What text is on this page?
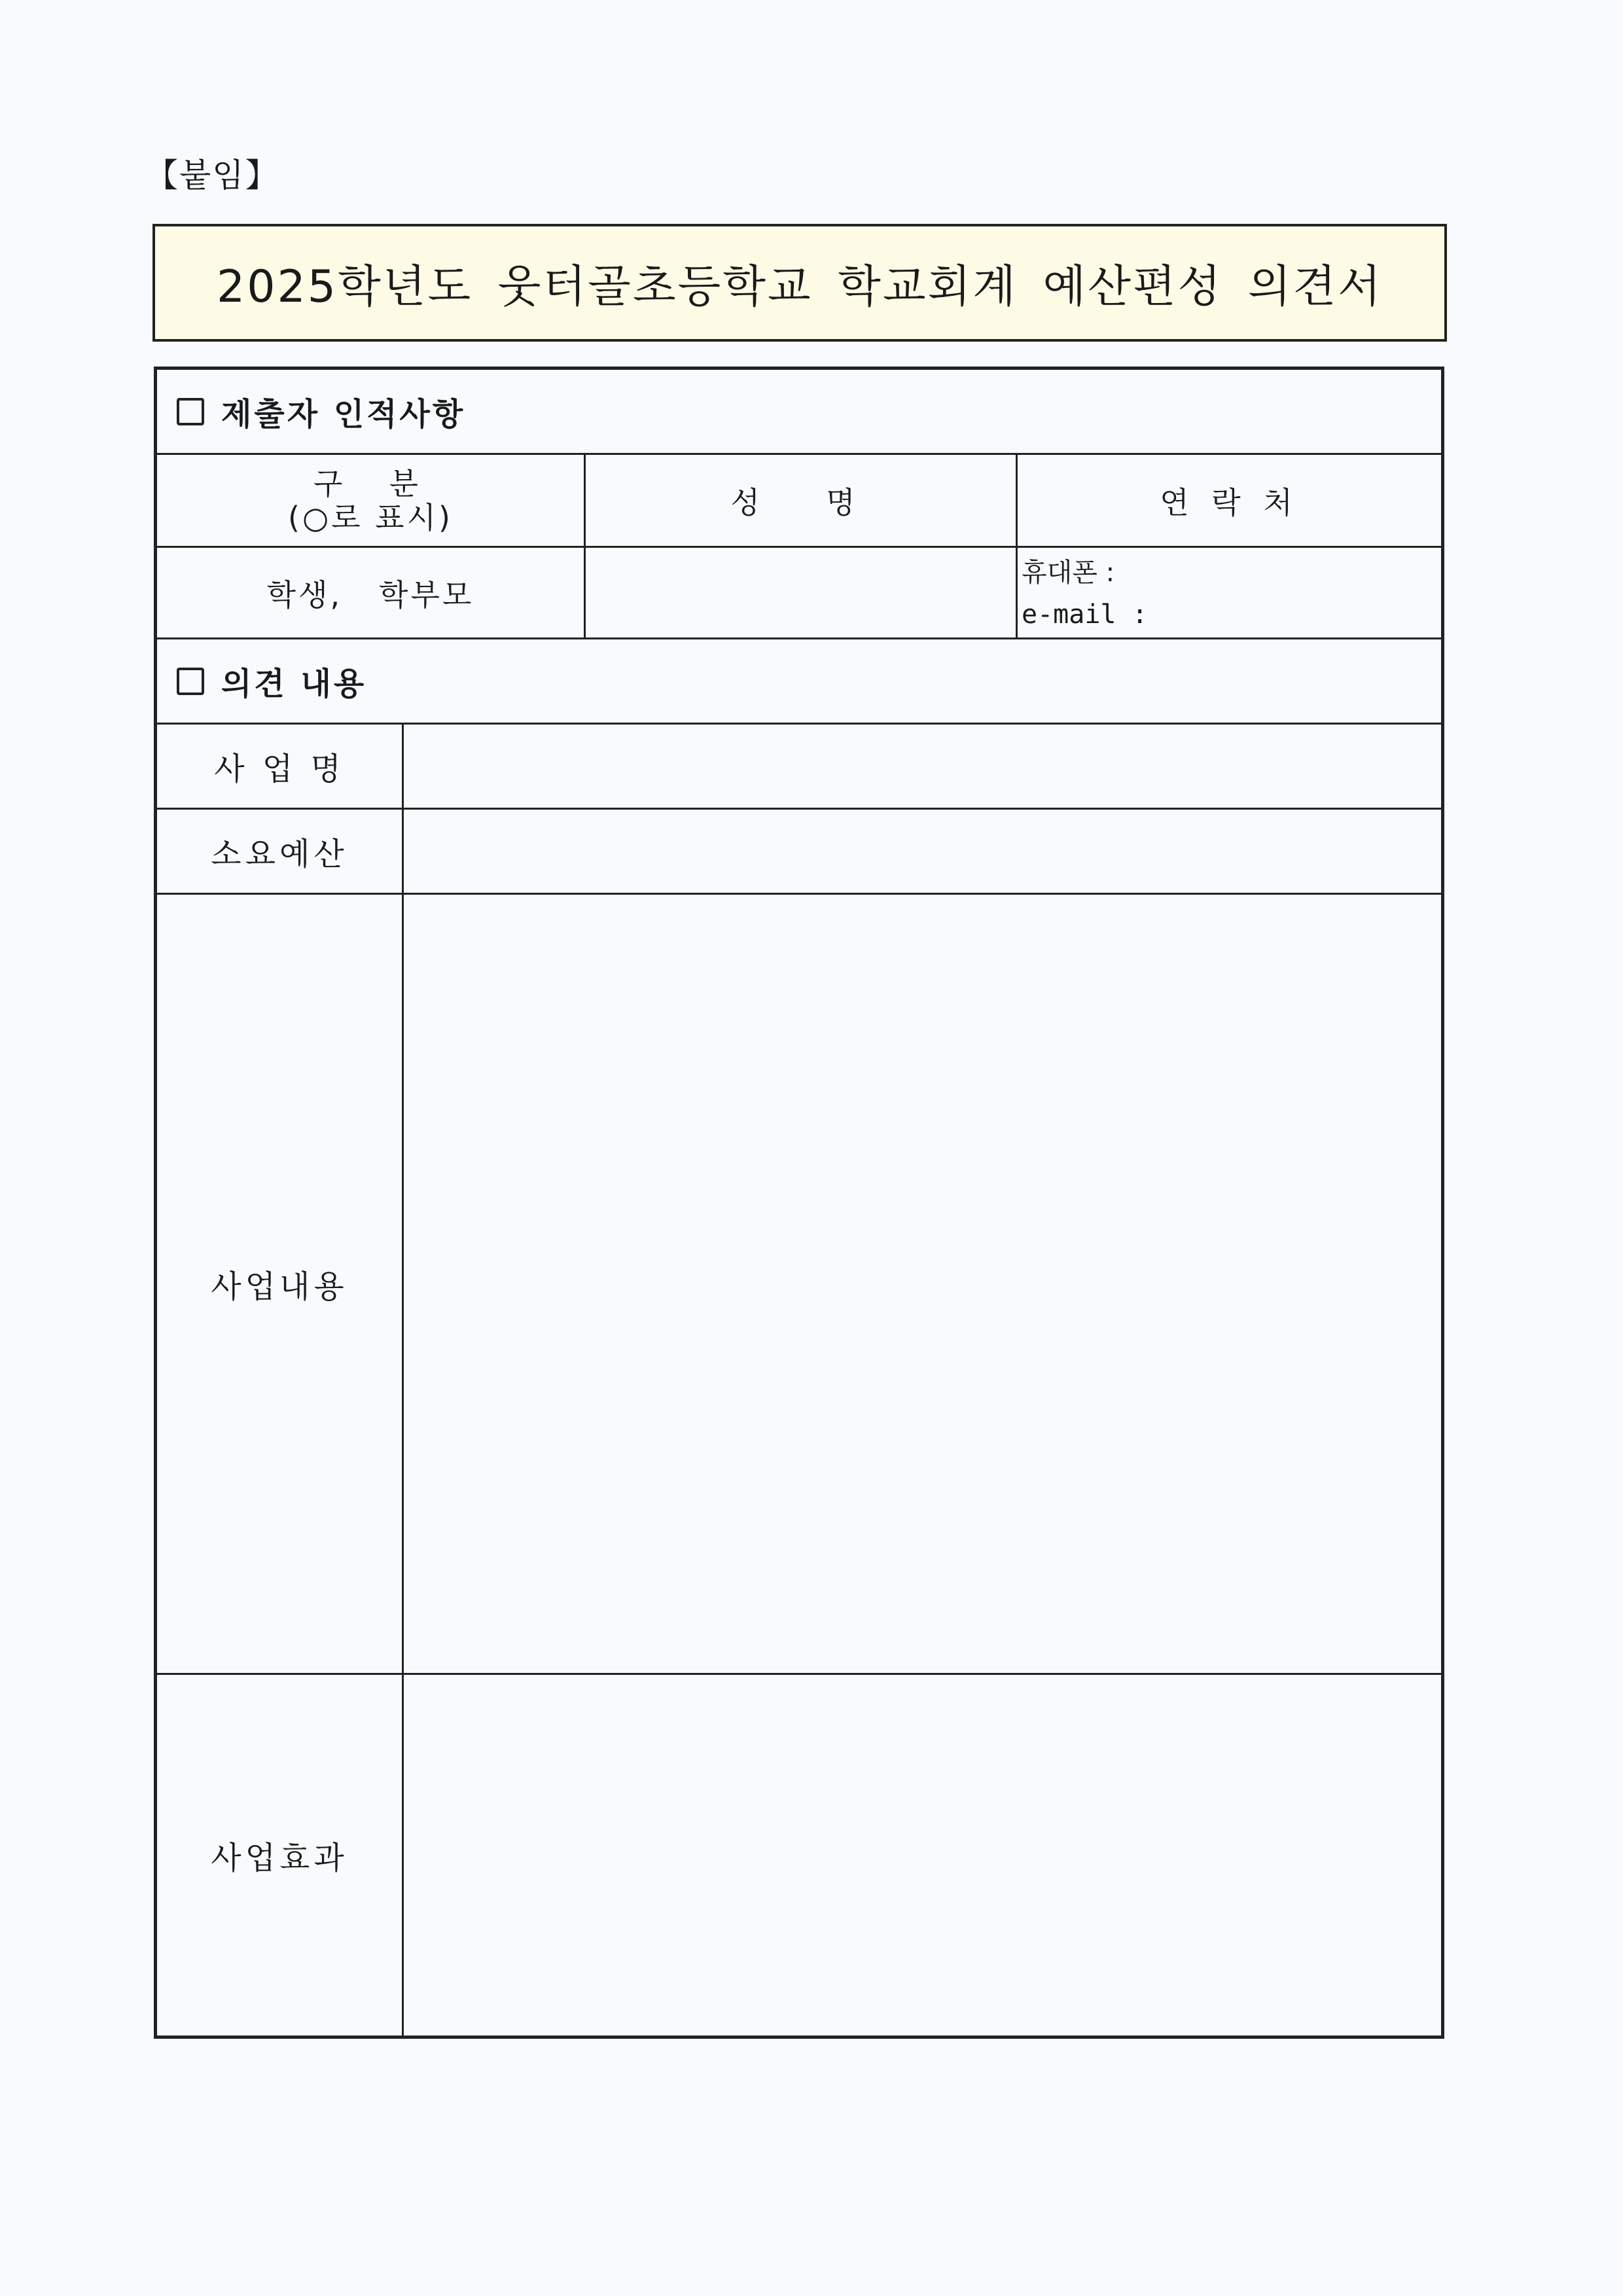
【붙임】
2025학년도 웃터골초등학교 학교회계 예산편성 의견서
제출자 인적사항
구  분
(○로 표시)	성  명	연 락 처
학생,   학부모
휴대폰 :
e-mail :
의견 내용
사 업 명
소요예산
사업내용
사업효과
